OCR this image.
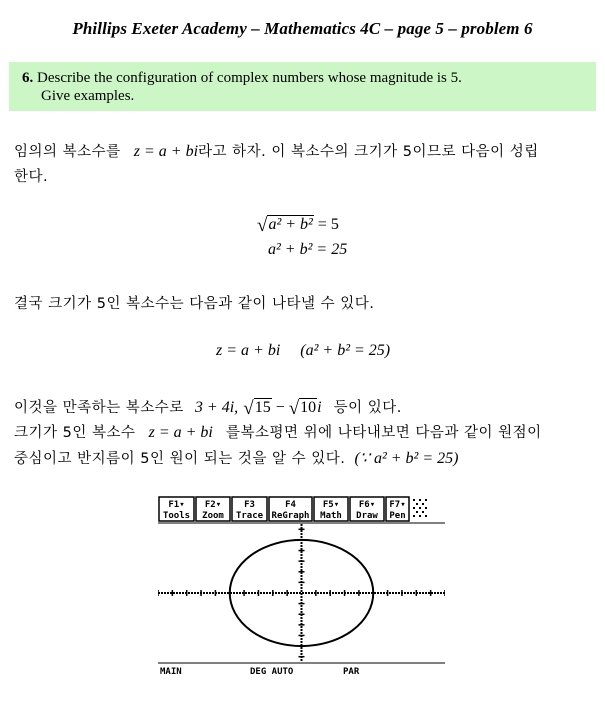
Phillips Exeter Academy – Mathematics 4C – page 5 – problem 6
6. Describe the configuration of complex numbers whose magnitude is 5.
Give examples.
임의의 복소수를 z = a + bi라고 하자. 이 복소수의 크기가 5이므로 다음이 성립
한다.
√a² + b² = 5
a² + b² = 25
결국 크기가 5인 복소수는 다음과 같이 나타낼 수 있다.
z = a + bi (a² + b² = 25)
이것을 만족하는 복소수로 3 + 4i, √15 − √10i 등이 있다.
크기가 5인 복소수 z = a + bi 를복소평면 위에 나타내보면 다음과 같이 원점이
중심이고 반지름이 5인 원이 되는 것을 알 수 있다. (∵ a² + b² = 25)
F1▾
Tools
F2▾
Zoom
F3
Trace
F4
ReGraph
F5▾
Math
F6▾
Draw
F7▾
Pen
MAIN	DEG AUTO	PAR
